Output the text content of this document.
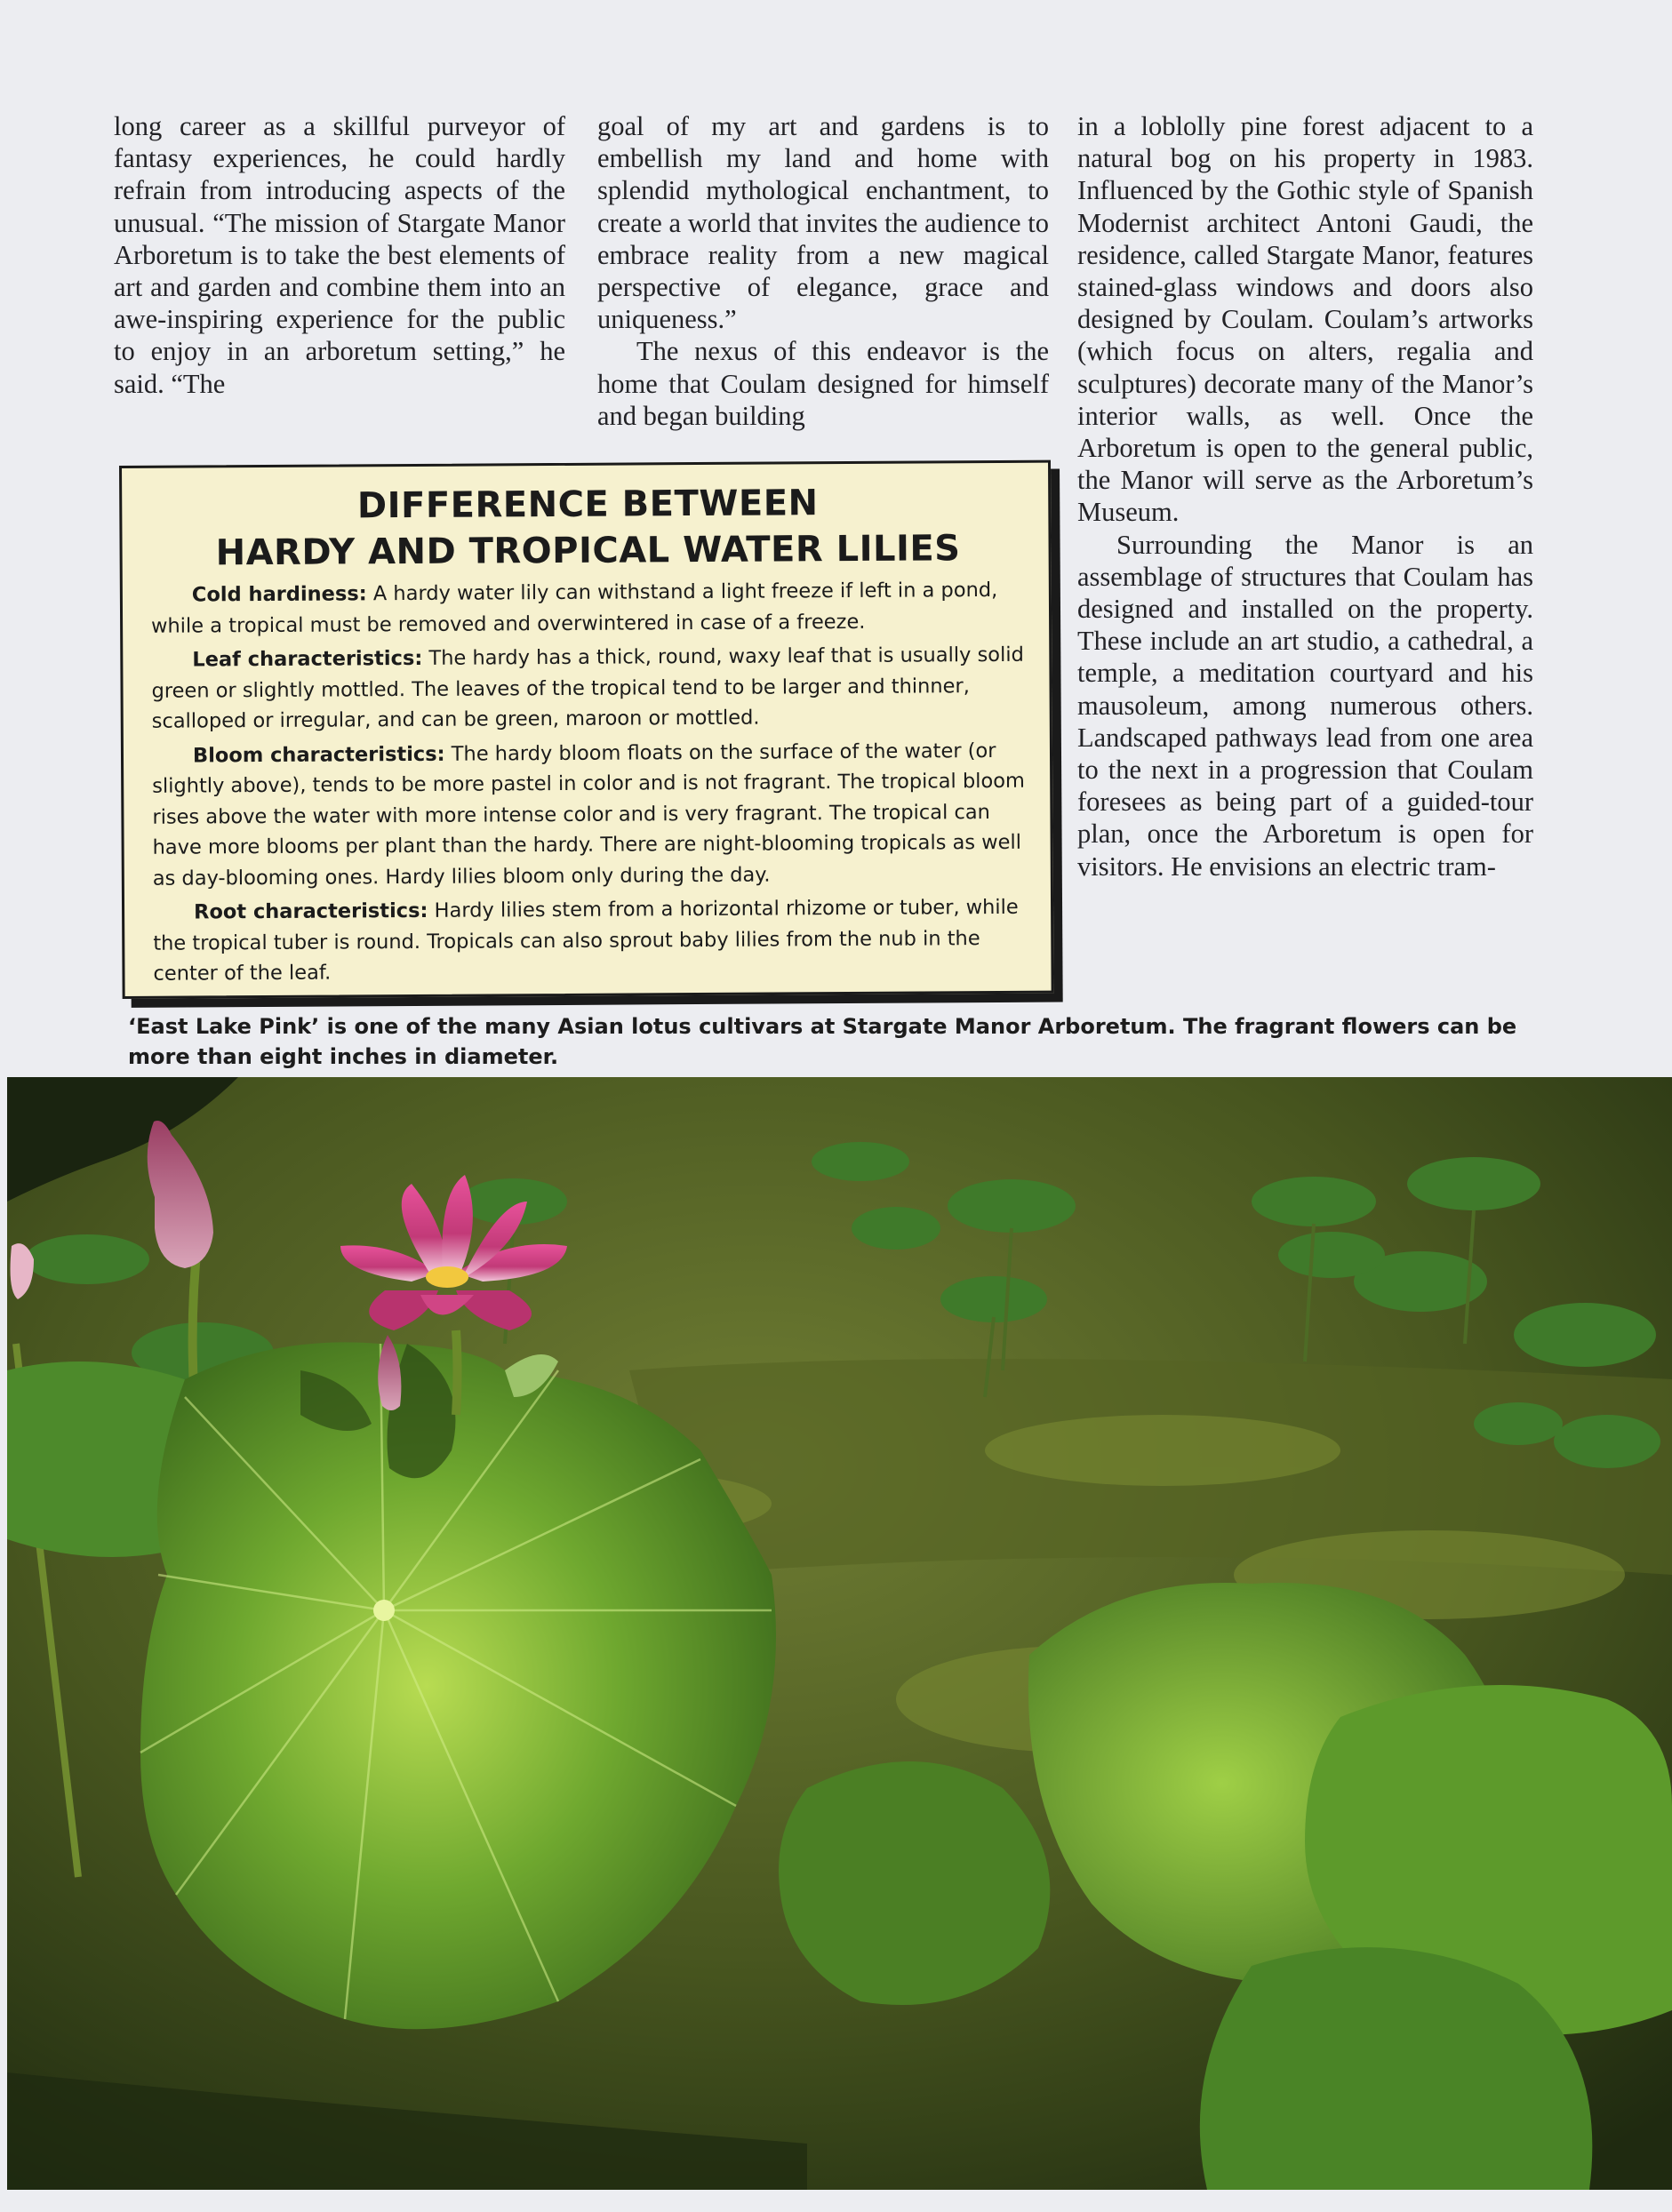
long career as a skillful purveyor of fantasy experiences, he could hardly refrain from introducing aspects of the unusual. “The mission of Stargate Manor Arboretum is to take the best elements of art and garden and combine them into an awe-inspiring experience for the public to enjoy in an arboretum setting,” he said. “The

goal of my art and gardens is to embellish my land and home with splendid mythological enchantment, to create a world that invites the audience to embrace reality from a new magical perspective of elegance, grace and uniqueness.”

The nexus of this endeavor is the home that Coulam designed for himself and began building

in a loblolly pine forest adjacent to a natural bog on his property in 1983. Influenced by the Gothic style of Spanish Modernist architect Antoni Gaudi, the residence, called Stargate Manor, features stained-glass windows and doors also designed by Coulam. Coulam’s artworks (which focus on alters, regalia and sculptures) decorate many of the Manor’s interior walls, as well. Once the Arboretum is open to the general public, the Manor will serve as the Arboretum’s Museum.

Surrounding the Manor is an assemblage of structures that Coulam has designed and installed on the property. These include an art studio, a cathedral, a temple, a meditation courtyard and his mausoleum, among numerous others. Landscaped pathways lead from one area to the next in a progression that Coulam foresees as being part of a guided-tour plan, once the Arboretum is open for visitors. He envisions an electric tram-

DIFFERENCE BETWEEN
HARDY AND TROPICAL WATER LILIES

Cold hardiness: A hardy water lily can withstand a light freeze if left in a pond, while a tropical must be removed and overwintered in case of a freeze.

Leaf characteristics: The hardy has a thick, round, waxy leaf that is usually solid green or slightly mottled. The leaves of the tropical tend to be larger and thinner, scalloped or irregular, and can be green, maroon or mottled.

Bloom characteristics: The hardy bloom floats on the surface of the water (or slightly above), tends to be more pastel in color and is not fragrant. The tropical bloom rises above the water with more intense color and is very fragrant. The tropical can have more blooms per plant than the hardy. There are night-blooming tropicals as well as day-blooming ones. Hardy lilies bloom only during the day.

Root characteristics: Hardy lilies stem from a horizontal rhizome or tuber, while the tropical tuber is round. Tropicals can also sprout baby lilies from the nub in the center of the leaf.

‘East Lake Pink’ is one of the many Asian lotus cultivars at Stargate Manor Arboretum. The fragrant flowers can be more than eight inches in diameter.
